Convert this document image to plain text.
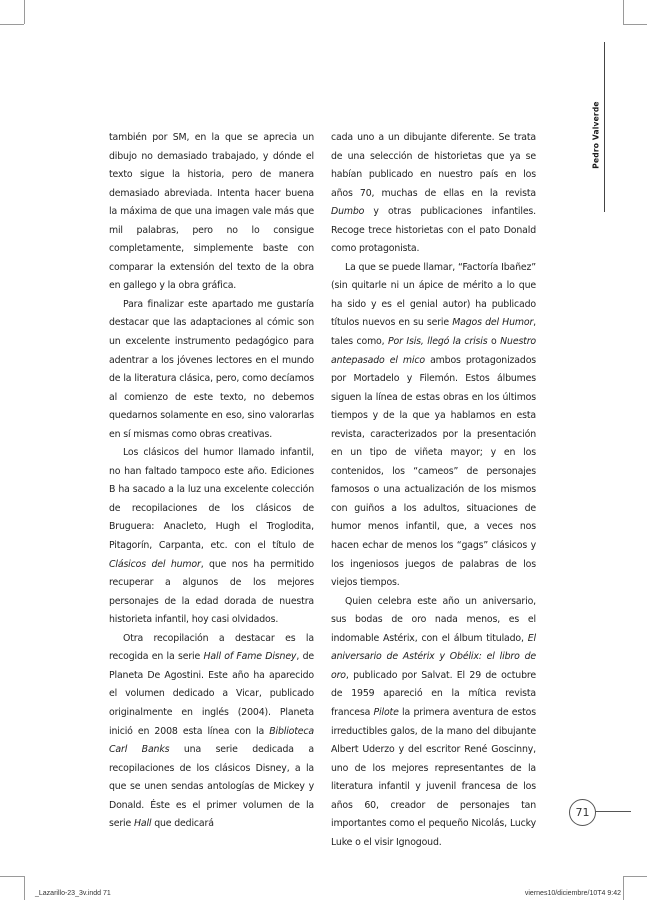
Pedro Valverde

también por SM, en la que se aprecia un dibujo no demasiado trabajado, y dónde el texto sigue la historia, pero de manera demasiado abreviada. Intenta hacer buena la máxima de que una imagen vale más que mil palabras, pero no lo consigue completamente, simplemente baste con comparar la extensión del texto de la obra en gallego y la obra gráfica.

Para finalizar este apartado me gustaría destacar que las adaptaciones al cómic son un excelente instrumento pedagógico para adentrar a los jóvenes lectores en el mundo de la literatura clásica, pero, como decíamos al comienzo de este texto, no debemos quedarnos solamente en eso, sino valorarlas en sí mismas como obras creativas.

Los clásicos del humor llamado infantil, no han faltado tampoco este año. Ediciones B ha sacado a la luz una excelente colección de recopilaciones de los clásicos de Bruguera: Anacleto, Hugh el Troglodita, Pitagorín, Carpanta, etc. con el título de Clásicos del humor, que nos ha permitido recuperar a algunos de los mejores personajes de la edad dorada de nuestra historieta infantil, hoy casi olvidados.

Otra recopilación a destacar es la recogida en la serie Hall of Fame Disney, de Planeta De Agostini. Este año ha aparecido el volumen dedicado a Vicar, publicado originalmente en inglés (2004). Planeta inició en 2008 esta línea con la Biblioteca Carl Banks una serie dedicada a recopilaciones de los clásicos Disney, a la que se unen sendas antologías de Mickey y Donald. Éste es el primer volumen de la serie Hall que dedicará

cada uno a un dibujante diferente. Se trata de una selección de historietas que ya se habían publicado en nuestro país en los años 70, muchas de ellas en la revista Dumbo y otras publicaciones infantiles. Recoge trece historietas con el pato Donald como protagonista.

La que se puede llamar, “Factoría Ibañez” (sin quitarle ni un ápice de mérito a lo que ha sido y es el genial autor) ha publicado títulos nuevos en su serie Magos del Humor, tales como, Por Isis, llegó la crisis o Nuestro antepasado el mico ambos protagonizados por Mortadelo y Filemón. Estos álbumes siguen la línea de estas obras en los últimos tiempos y de la que ya hablamos en esta revista, caracterizados por la presentación en un tipo de viñeta mayor; y en los contenidos, los “cameos” de personajes famosos o una actualización de los mismos con guiños a los adultos, situaciones de humor menos infantil, que, a veces nos hacen echar de menos los “gags” clásicos y los ingeniosos juegos de palabras de los viejos tiempos.

Quien celebra este año un aniversario, sus bodas de oro nada menos, es el indomable Astérix, con el álbum titulado, El aniversario de Astérix y Obélix: el libro de oro, publicado por Salvat. El 29 de octubre de 1959 apareció en la mítica revista francesa Pilote la primera aventura de estos irreductibles galos, de la mano del dibujante Albert Uderzo y del escritor René Goscinny, uno de los mejores representantes de la literatura infantil y juvenil francesa de los años 60, creador de personajes tan importantes como el pequeño Nicolás, Lucky Luke o el visir Ignogoud.

71
_Lazarillo-23_3v.indd 71	viernes10/diciembre/10T4 9:42
